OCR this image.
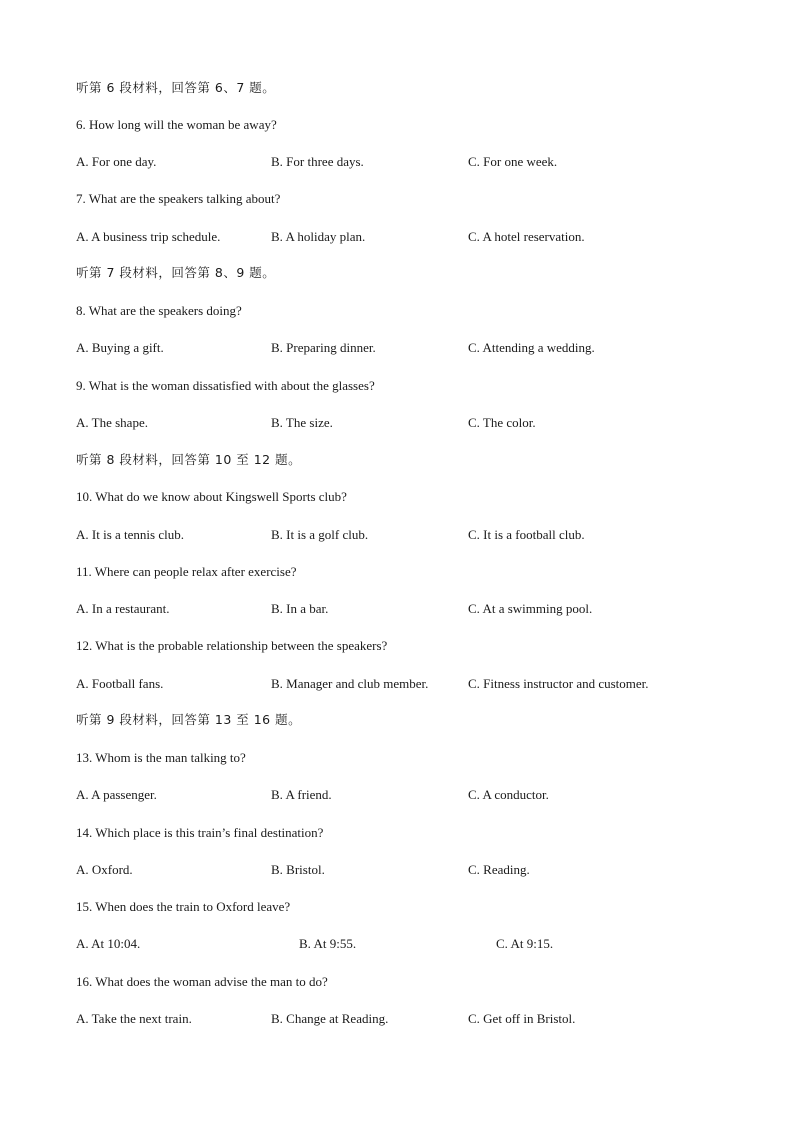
听第 6 段材料，回答第 6、7 题。
6. How long will the woman be away?
A. For one day.	B. For three days.	C. For one week.
7. What are the speakers talking about?
A. A business trip schedule.	B. A holiday plan.	C. A hotel reservation.
听第 7 段材料，回答第 8、9 题。
8. What are the speakers doing?
A. Buying a gift.	B. Preparing dinner.	C. Attending a wedding.
9. What is the woman dissatisfied with about the glasses?
A. The shape.	B. The size.	C. The color.
听第 8 段材料，回答第 10 至 12 题。
10. What do we know about Kingswell Sports club?
A. It is a tennis club.	B. It is a golf club.	C. It is a football club.
11. Where can people relax after exercise?
A. In a restaurant.	B. In a bar.	C. At a swimming pool.
12. What is the probable relationship between the speakers?
A. Football fans.	B. Manager and club member.	C. Fitness instructor and customer.
听第 9 段材料，回答第 13 至 16 题。
13. Whom is the man talking to?
A. A passenger.	B. A friend.	C. A conductor.
14. Which place is this train’s final destination?
A. Oxford.	B. Bristol.	C. Reading.
15. When does the train to Oxford leave?
A. At 10:04.	B. At 9:55.	C. At 9:15.
16. What does the woman advise the man to do?
A. Take the next train.	B. Change at Reading.	C. Get off in Bristol.
